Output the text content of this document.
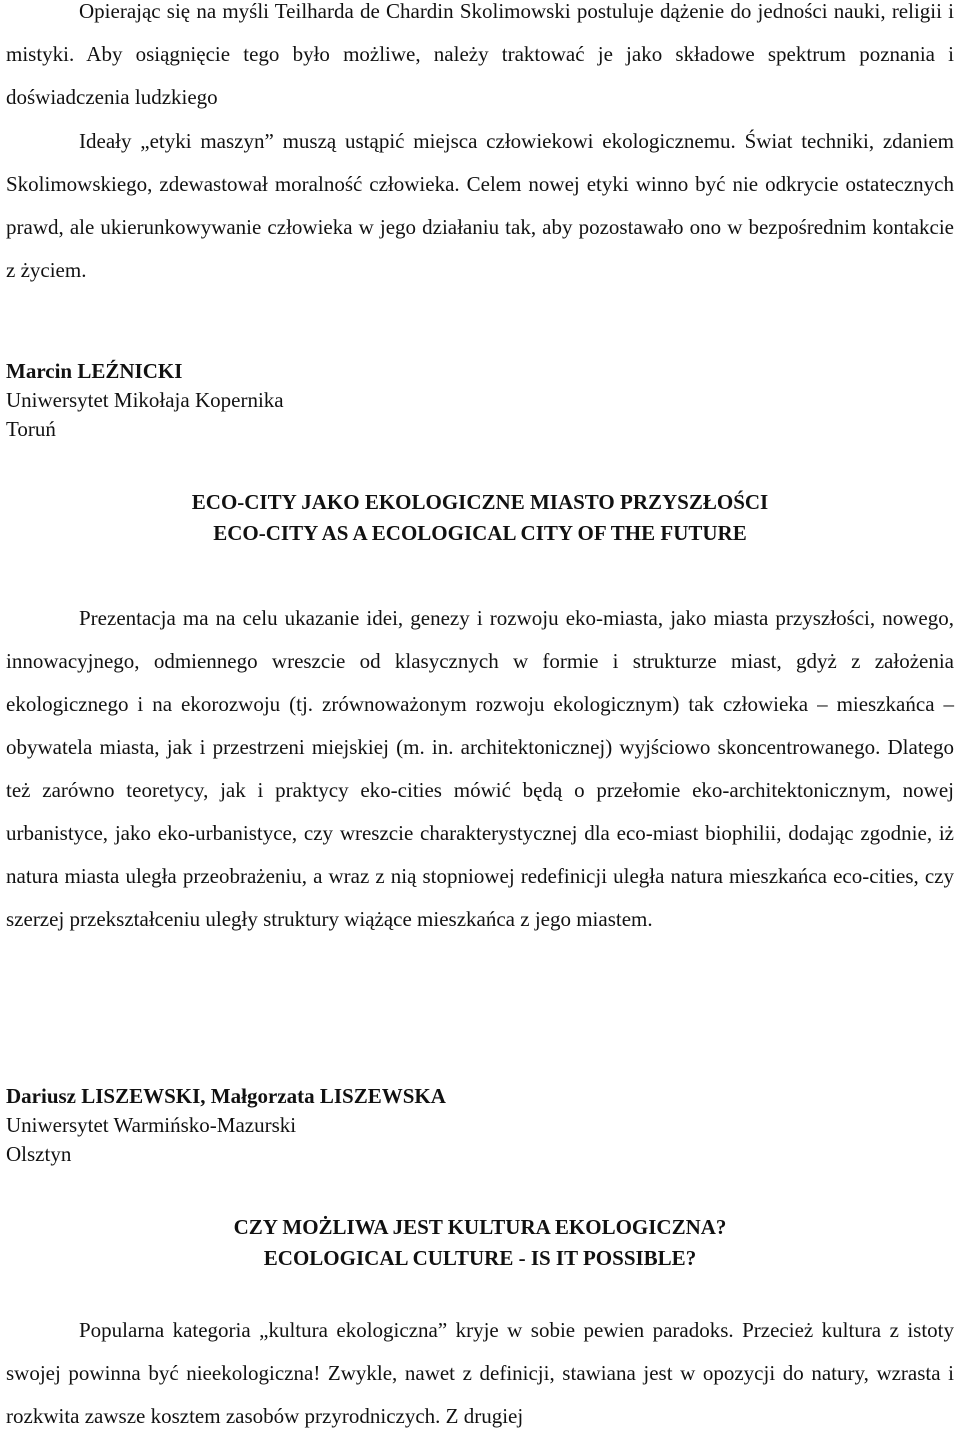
Opierając się na myśli Teilharda de Chardin Skolimowski postuluje dążenie do jedności nauki, religii i mistyki. Aby osiągnięcie tego było możliwe, należy traktować je jako składowe spektrum poznania i doświadczenia ludzkiego

Ideały „etyki maszyn” muszą ustąpić miejsca człowiekowi ekologicznemu. Świat techniki, zdaniem Skolimowskiego, zdewastował moralność człowieka. Celem nowej etyki winno być nie odkrycie ostatecznych prawd, ale ukierunkowywanie człowieka w jego działaniu tak, aby pozostawało ono w bezpośrednim kontakcie z życiem.

Marcin LEŹNICKI
Uniwersytet Mikołaja Kopernika
Toruń
ECO-CITY JAKO EKOLOGICZNE MIASTO PRZYSZŁOŚCI
ECO-CITY AS A ECOLOGICAL CITY OF THE FUTURE

Prezentacja ma na celu ukazanie idei, genezy i rozwoju eko-miasta, jako miasta przyszłości, nowego, innowacyjnego, odmiennego wreszcie od klasycznych w formie i strukturze miast, gdyż z założenia ekologicznego i na ekorozwoju (tj. zrównoważonym rozwoju ekologicznym) tak człowieka – mieszkańca – obywatela miasta, jak i przestrzeni miejskiej (m. in. architektonicznej) wyjściowo skoncentrowanego. Dlatego też zarówno teoretycy, jak i praktycy eko-cities mówić będą o przełomie eko-architektonicznym, nowej urbanistyce, jako eko-urbanistyce, czy wreszcie charakterystycznej dla eco-miast biophilii, dodając zgodnie, iż natura miasta uległa przeobrażeniu, a wraz z nią stopniowej redefinicji uległa natura mieszkańca eco-cities, czy szerzej przekształceniu uległy struktury wiążące mieszkańca z jego miastem.

Dariusz LISZEWSKI, Małgorzata LISZEWSKA
Uniwersytet Warmińsko-Mazurski
Olsztyn
CZY MOŻLIWA JEST KULTURA EKOLOGICZNA?
ECOLOGICAL CULTURE - IS IT POSSIBLE?

Popularna kategoria „kultura ekologiczna” kryje w sobie pewien paradoks. Przecież kultura z istoty swojej powinna być nieekologiczna! Zwykle, nawet z definicji, stawiana jest w opozycji do natury, wzrasta i rozkwita zawsze kosztem zasobów przyrodniczych. Z drugiej
